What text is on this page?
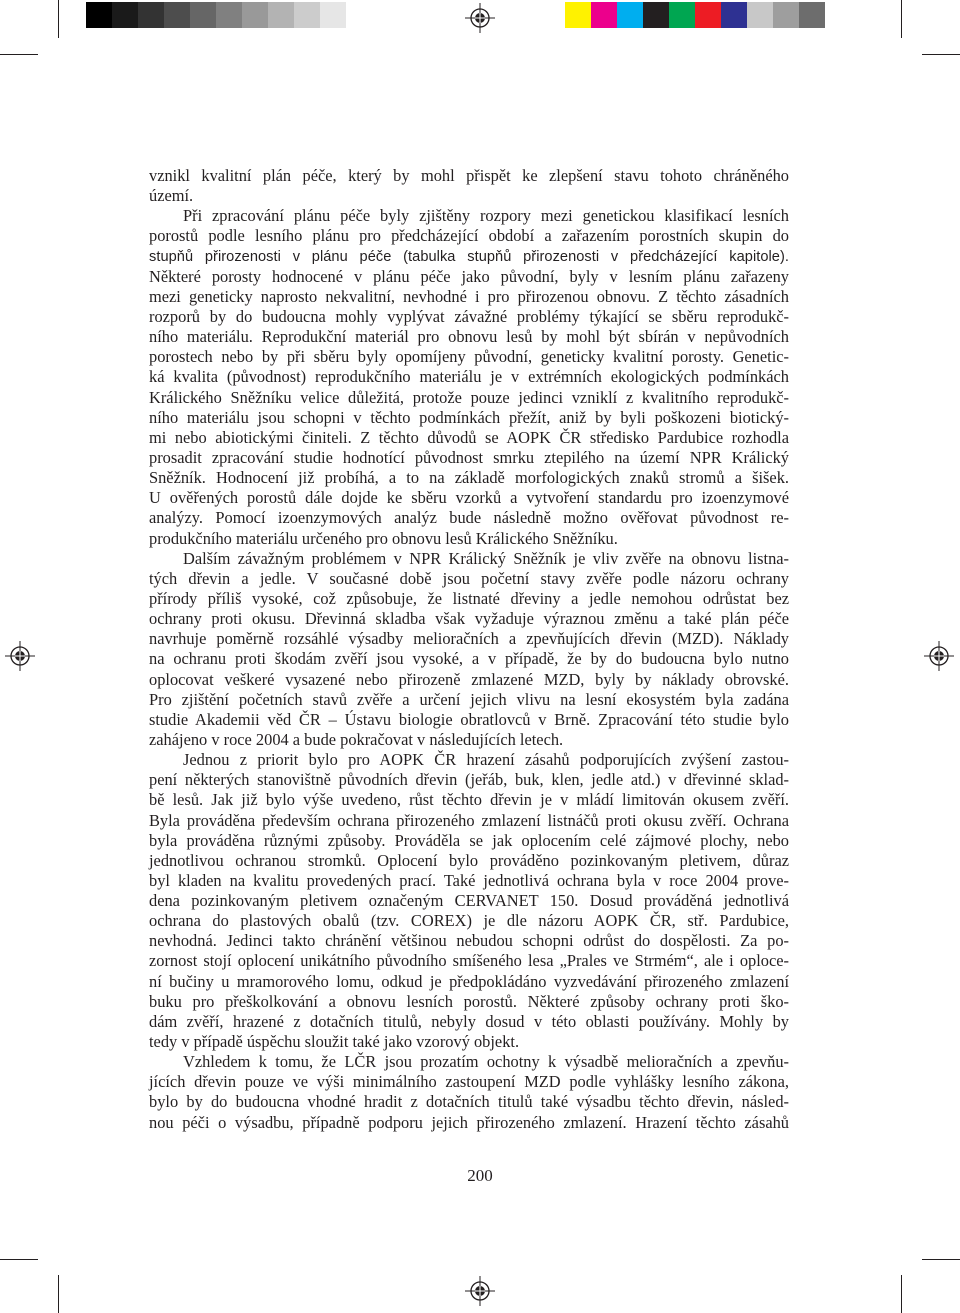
vznikl kvalitní plán péče, který by mohl přispět ke zlepšení stavu tohoto chráněného
území.
Při zpracování plánu péče byly zjištěny rozpory mezi genetickou klasifikací lesních
porostů podle lesního plánu pro předcházející období a zařazením porostních skupin do
stupňů přirozenosti v plánu péče (tabulka stupňů přirozenosti v předcházející kapitole).
Některé porosty hodnocené v plánu péče jako původní, byly v lesním plánu zařazeny
mezi geneticky naprosto nekvalitní, nevhodné i pro přirozenou obnovu. Z těchto zásadních
rozporů by do budoucna mohly vyplývat závažné problémy týkající se sběru reprodukč-
ního materiálu. Reprodukční materiál pro obnovu lesů by mohl být sbírán v nepůvodních
porostech nebo by při sběru byly opomíjeny původní, geneticky kvalitní porosty. Genetic-
ká kvalita (původnost) reprodukčního materiálu je v extrémních ekologických podmínkách
Králického Sněžníku velice důležitá, protože pouze jedinci vzniklí z kvalitního reprodukč-
ního materiálu jsou schopni v těchto podmínkách přežít, aniž by byli poškozeni biotický-
mi nebo abiotickými činiteli. Z těchto důvodů se AOPK ČR středisko Pardubice rozhodla
prosadit zpracování studie hodnotící původnost smrku ztepilého na území NPR Králický
Sněžník. Hodnocení již probíhá, a to na základě morfologických znaků stromů a šišek.
U ověřených porostů dále dojde ke sběru vzorků a vytvoření standardu pro izoenzymové
analýzy. Pomocí izoenzymových analýz bude následně možno ověřovat původnost re-
produkčního materiálu určeného pro obnovu lesů Králického Sněžníku.
Dalším závažným problémem v NPR Králický Sněžník je vliv zvěře na obnovu listna-
tých dřevin a jedle. V současné době jsou početní stavy zvěře podle názoru ochrany
přírody příliš vysoké, což způsobuje, že listnaté dřeviny a jedle nemohou odrůstat bez
ochrany proti okusu. Dřevinná skladba však vyžaduje výraznou změnu a také plán péče
navrhuje poměrně rozsáhlé výsadby melioračních a zpevňujících dřevin (MZD). Náklady
na ochranu proti škodám zvěří jsou vysoké, a v případě, že by do budoucna bylo nutno
oplocovat veškeré vysazené nebo přirozeně zmlazené MZD, byly by náklady obrovské.
Pro zjištění početních stavů zvěře a určení jejich vlivu na lesní ekosystém byla zadána
studie Akademii věd ČR – Ústavu biologie obratlovců v Brně. Zpracování této studie bylo
zahájeno v roce 2004 a bude pokračovat v následujících letech.
Jednou z priorit bylo pro AOPK ČR hrazení zásahů podporujících zvýšení zastou-
pení některých stanovištně původních dřevin (jeřáb, buk, klen, jedle atd.) v dřevinné sklad-
bě lesů. Jak již bylo výše uvedeno, růst těchto dřevin je v mládí limitován okusem zvěří.
Byla prováděna především ochrana přirozeného zmlazení listnáčů proti okusu zvěří. Ochrana
byla prováděna různými způsoby. Prováděla se jak oplocením celé zájmové plochy, nebo
jednotlivou ochranou stromků. Oplocení bylo prováděno pozinkovaným pletivem, důraz
byl kladen na kvalitu provedených prací. Také jednotlivá ochrana byla v roce 2004 prove-
dena pozinkovaným pletivem označeným CERVANET 150. Dosud prováděná jednotlivá
ochrana do plastových obalů (tzv. COREX) je dle názoru AOPK ČR, stř. Pardubice,
nevhodná. Jedinci takto chránění většinou nebudou schopni odrůst do dospělosti. Za po-
zornost stojí oplocení unikátního původního smíšeného lesa „Prales ve Strmém“, ale i oploce-
ní bučiny u mramorového lomu, odkud je předpokládáno vyzvedávání přirozeného zmlazení
buku pro přeškolkování a obnovu lesních porostů. Některé způsoby ochrany proti ško-
dám zvěří, hrazené z dotačních titulů, nebyly dosud v této oblasti používány. Mohly by
tedy v případě úspěchu sloužit také jako vzorový objekt.
Vzhledem k tomu, že LČR jsou prozatím ochotny k výsadbě melioračních a zpevňu-
jících dřevin pouze ve výši minimálního zastoupení MZD podle vyhlášky lesního zákona,
bylo by do budoucna vhodné hradit z dotačních titulů také výsadbu těchto dřevin, násled-
nou péči o výsadbu, případně podporu jejich přirozeného zmlazení. Hrazení těchto zásahů
200
